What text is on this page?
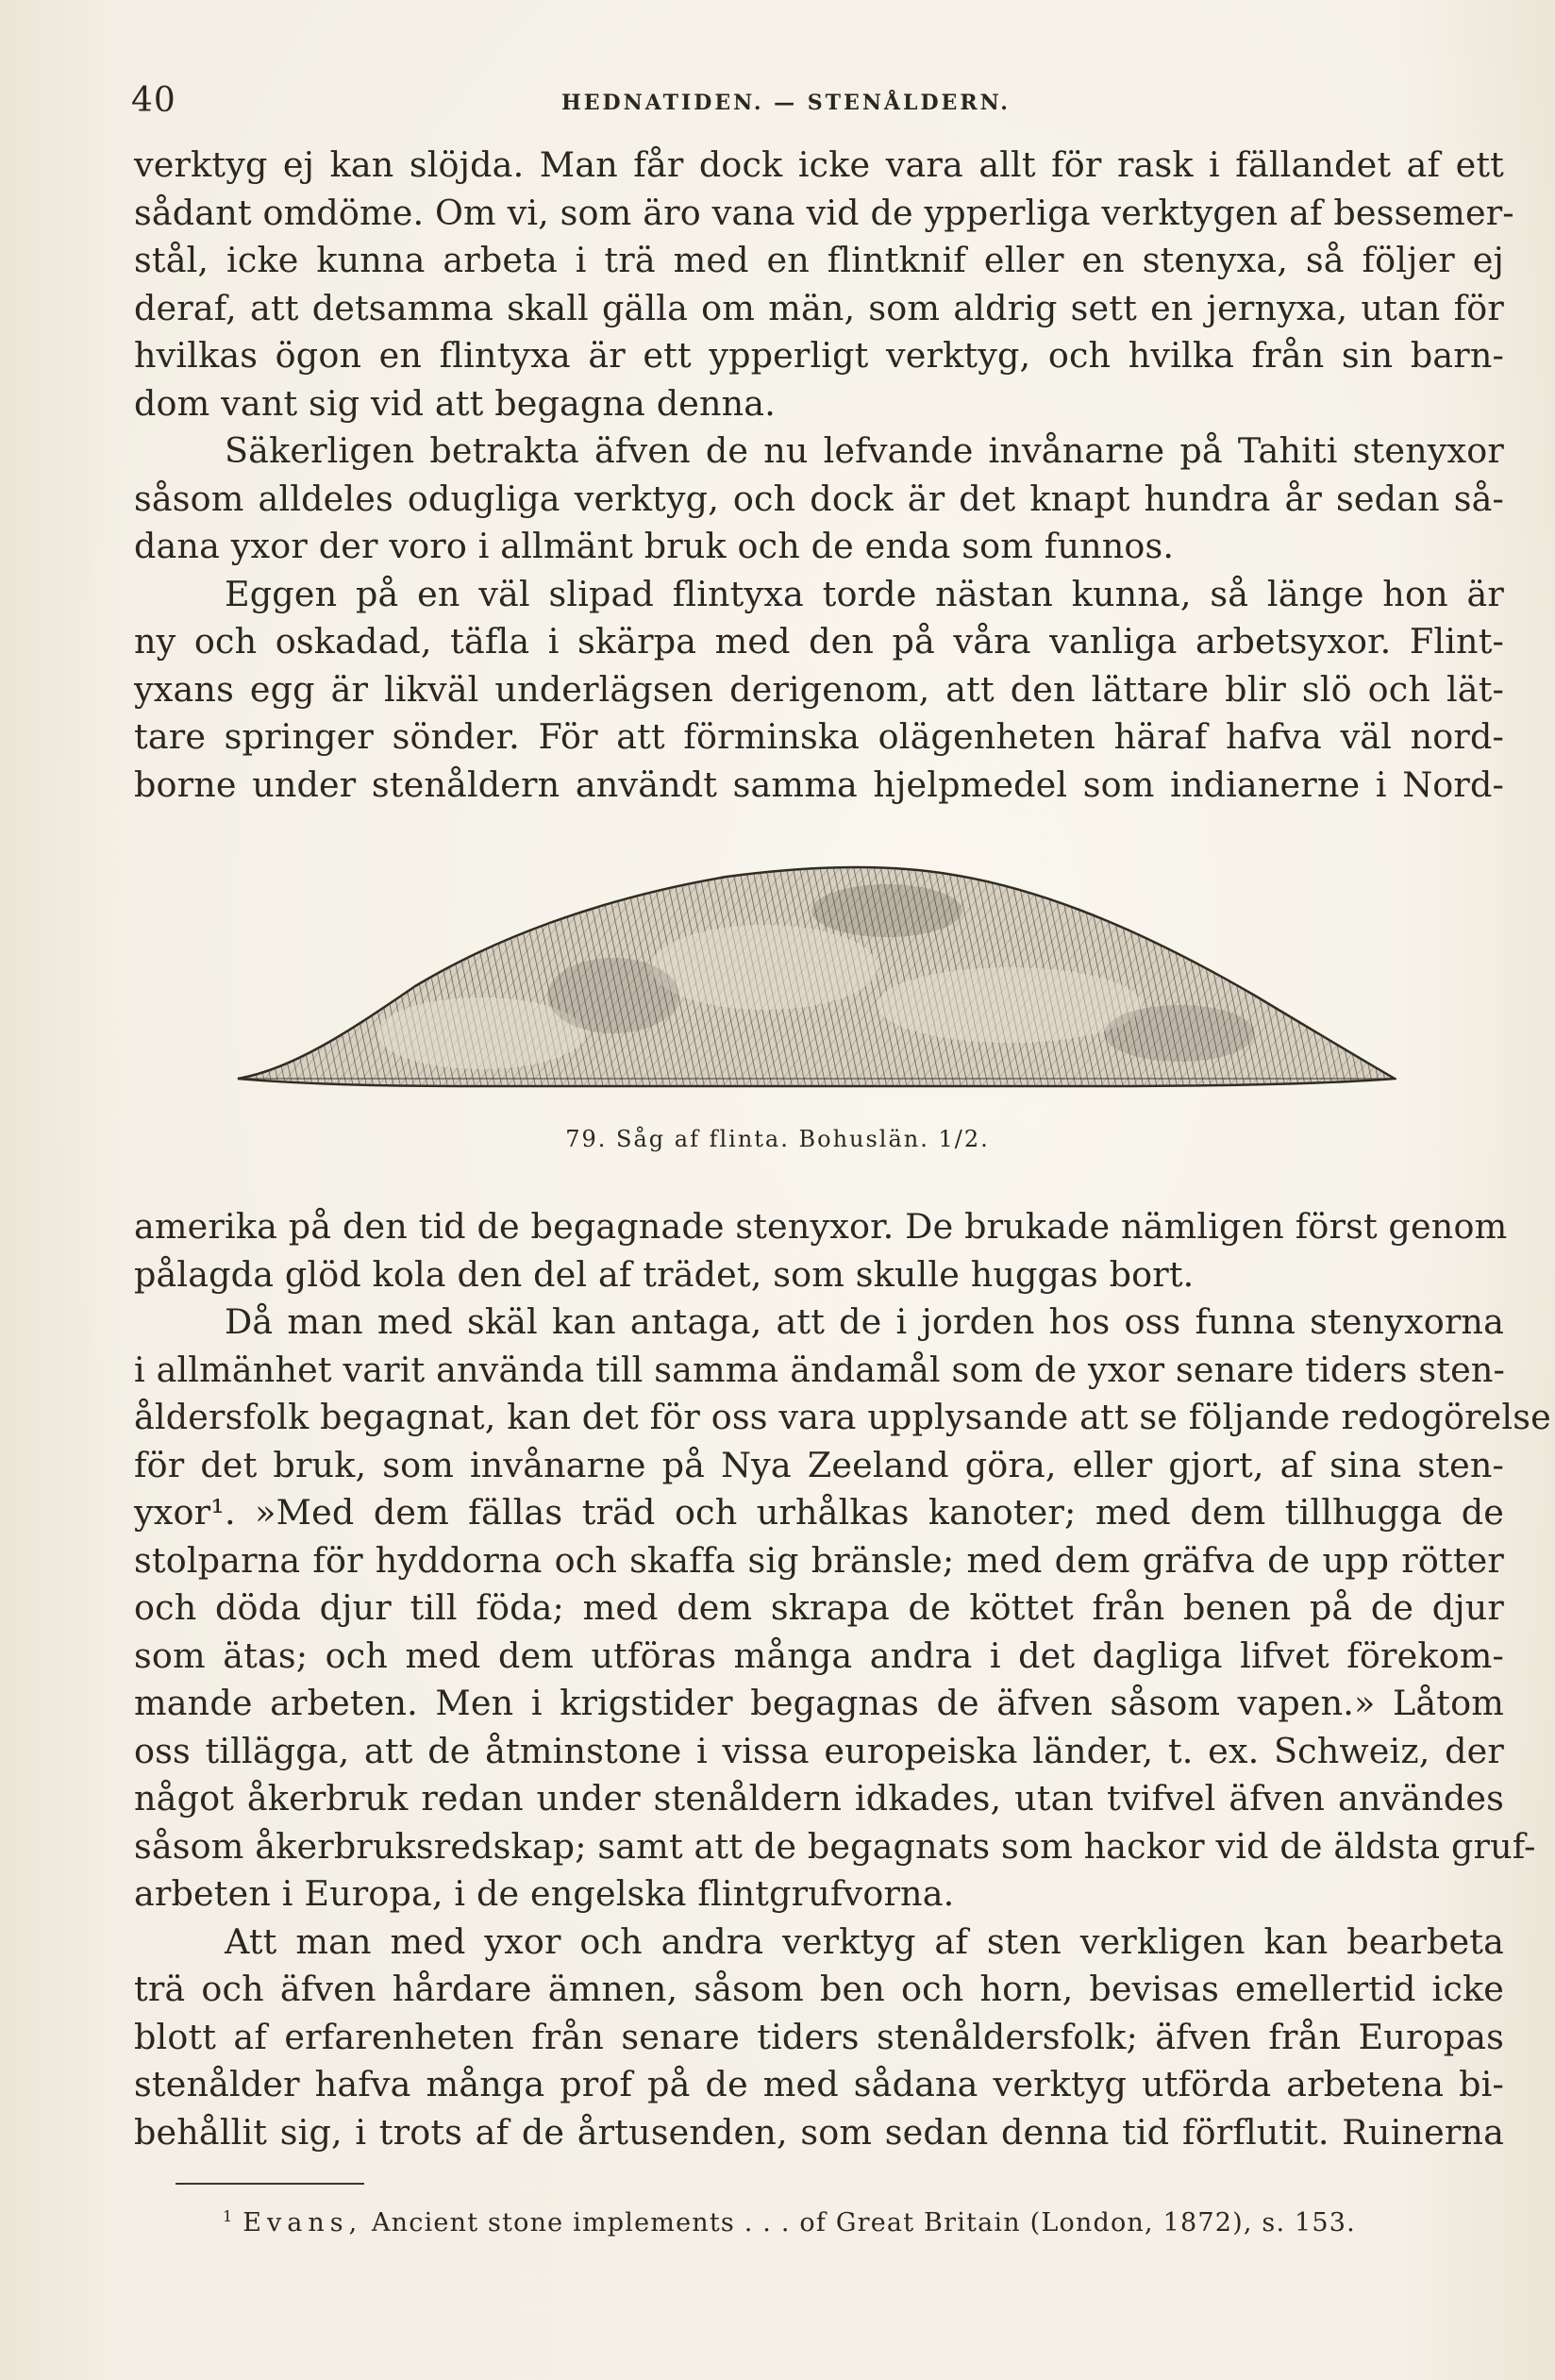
40	HEDNATIDEN. — STENÅLDERN.
verktyg ej kan slöjda. Man får dock icke vara allt för rask i fällandet af ett
sådant omdöme. Om vi, som äro vana vid de ypperliga verktygen af bessemer-
stål, icke kunna arbeta i trä med en flintknif eller en stenyxa, så följer ej
deraf, att detsamma skall gälla om män, som aldrig sett en jernyxa, utan för
hvilkas ögon en flintyxa är ett ypperligt verktyg, och hvilka från sin barn-
dom vant sig vid att begagna denna.
Säkerligen betrakta äfven de nu lefvande invånarne på Tahiti stenyxor
såsom alldeles odugliga verktyg, och dock är det knapt hundra år sedan så-
dana yxor der voro i allmänt bruk och de enda som funnos.
Eggen på en väl slipad flintyxa torde nästan kunna, så länge hon är
ny och oskadad, täfla i skärpa med den på våra vanliga arbetsyxor. Flint-
yxans egg är likväl underlägsen derigenom, att den lättare blir slö och lät-
tare springer sönder. För att förminska olägenheten häraf hafva väl nord-
borne under stenåldern användt samma hjelpmedel som indianerne i Nord-
79. Såg af flinta. Bohuslän. 1/2.
amerika på den tid de begagnade stenyxor. De brukade nämligen först genom
pålagda glöd kola den del af trädet, som skulle huggas bort.
Då man med skäl kan antaga, att de i jorden hos oss funna stenyxorna
i allmänhet varit använda till samma ändamål som de yxor senare tiders sten-
åldersfolk begagnat, kan det för oss vara upplysande att se följande redogörelse
för det bruk, som invånarne på Nya Zeeland göra, eller gjort, af sina sten-
yxor¹. »Med dem fällas träd och urhålkas kanoter; med dem tillhugga de
stolparna för hyddorna och skaffa sig bränsle; med dem gräfva de upp rötter
och döda djur till föda; med dem skrapa de köttet från benen på de djur
som ätas; och med dem utföras många andra i det dagliga lifvet förekom-
mande arbeten. Men i krigstider begagnas de äfven såsom vapen.» Låtom
oss tillägga, att de åtminstone i vissa europeiska länder, t. ex. Schweiz, der
något åkerbruk redan under stenåldern idkades, utan tvifvel äfven användes
såsom åkerbruksredskap; samt att de begagnats som hackor vid de äldsta gruf-
arbeten i Europa, i de engelska flintgrufvorna.
Att man med yxor och andra verktyg af sten verkligen kan bearbeta
trä och äfven hårdare ämnen, såsom ben och horn, bevisas emellertid icke
blott af erfarenheten från senare tiders stenåldersfolk; äfven från Europas
stenålder hafva många prof på de med sådana verktyg utförda arbetena bi-
behållit sig, i trots af de årtusenden, som sedan denna tid förflutit. Ruinerna
$^1$ Evans, Ancient stone implements . . . of Great Britain (London, 1872), s. 153.
